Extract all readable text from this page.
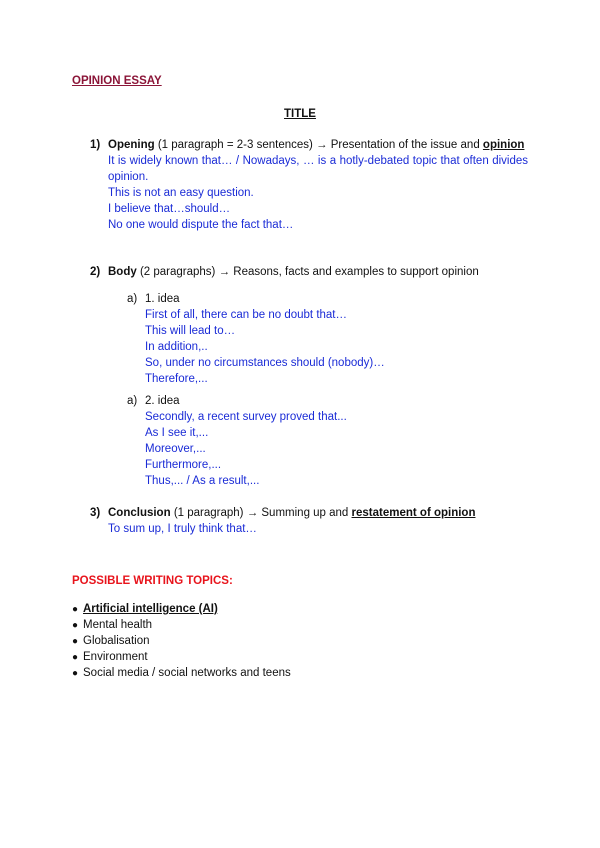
OPINION ESSAY
TITLE
1) Opening (1 paragraph = 2-3 sentences) → Presentation of the issue and opinion
It is widely known that… / Nowadays, … is a hotly-debated topic that often divides opinion.
This is not an easy question.
I believe that…should…
No one would dispute the fact that…
2) Body (2 paragraphs) → Reasons, facts and examples to support opinion
a) 1. idea
First of all, there can be no doubt that…
This will lead to…
In addition,..
So, under no circumstances should (nobody)…
Therefore,...
a) 2. idea
Secondly, a recent survey proved that...
As I see it,...
Moreover,...
Furthermore,...
Thus,... / As a result,...
3) Conclusion (1 paragraph) → Summing up and restatement of opinion
To sum up, I truly think that…
POSSIBLE WRITING TOPICS:
● Artificial intelligence (AI)
● Mental health
● Globalisation
● Environment
● Social media / social networks and teens
